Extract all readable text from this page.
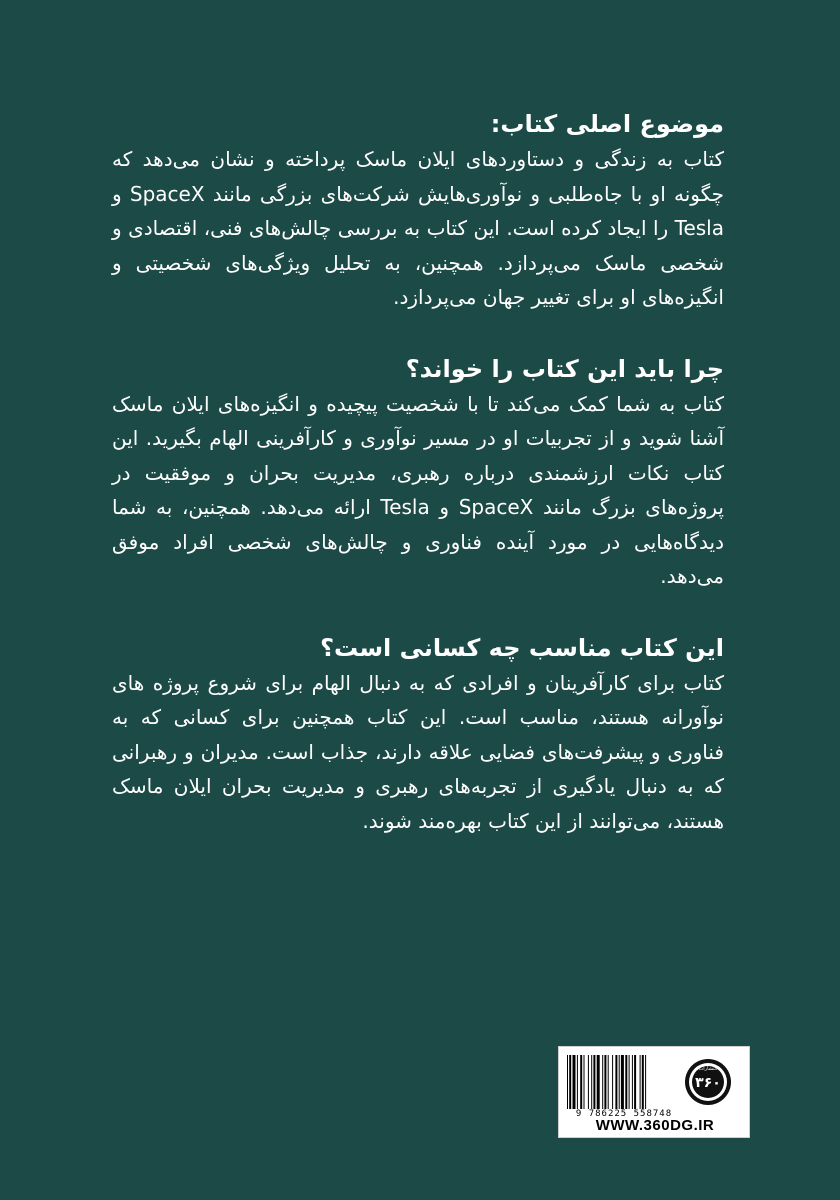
موضوع اصلی کتاب:

کتاب به زندگی و دستاوردهای ایلان ماسک پرداخته و نشان می‌دهد که چگونه او با جاه‌طلبی و نوآوری‌هایش شرکت‌های بزرگی مانند SpaceX و Tesla را ایجاد کرده است. این کتاب به بررسی چالش‌های فنی، اقتصادی و شخصی ماسک می‌پردازد. همچنین، به تحلیل ویژگی‌های شخصیتی و انگیزه‌های او برای تغییر جهان می‌پردازد.

چرا باید این کتاب را خواند؟

کتاب به شما کمک می‌کند تا با شخصیت پیچیده و انگیزه‌های ایلان ماسک آشنا شوید و از تجربیات او در مسیر نوآوری و کارآفرینی الهام بگیرید. این کتاب نکات ارزشمندی درباره رهبری، مدیریت بحران و موفقیت در پروژه‌های بزرگ مانند SpaceX و Tesla ارائه می‌دهد. همچنین، به شما دیدگاه‌هایی در مورد آینده فناوری و چالش‌های شخصی افراد موفق می‌دهد.

این کتاب مناسب چه کسانی است؟

کتاب برای کارآفرینان و افرادی که به دنبال الهام برای شروع پروژه های نوآورانه هستند، مناسب است. این کتاب همچنین برای کسانی که به فناوری و پیشرفت‌های فضایی علاقه دارند، جذاب است. مدیران و رهبرانی که به دنبال یادگیری از تجربه‌های رهبری و مدیریت بحران ایلان ماسک هستند، می‌توانند از این کتاب بهره‌مند شوند.

9 786225 558748
۳۶۰
انتشارات
WWW.360DG.IR
